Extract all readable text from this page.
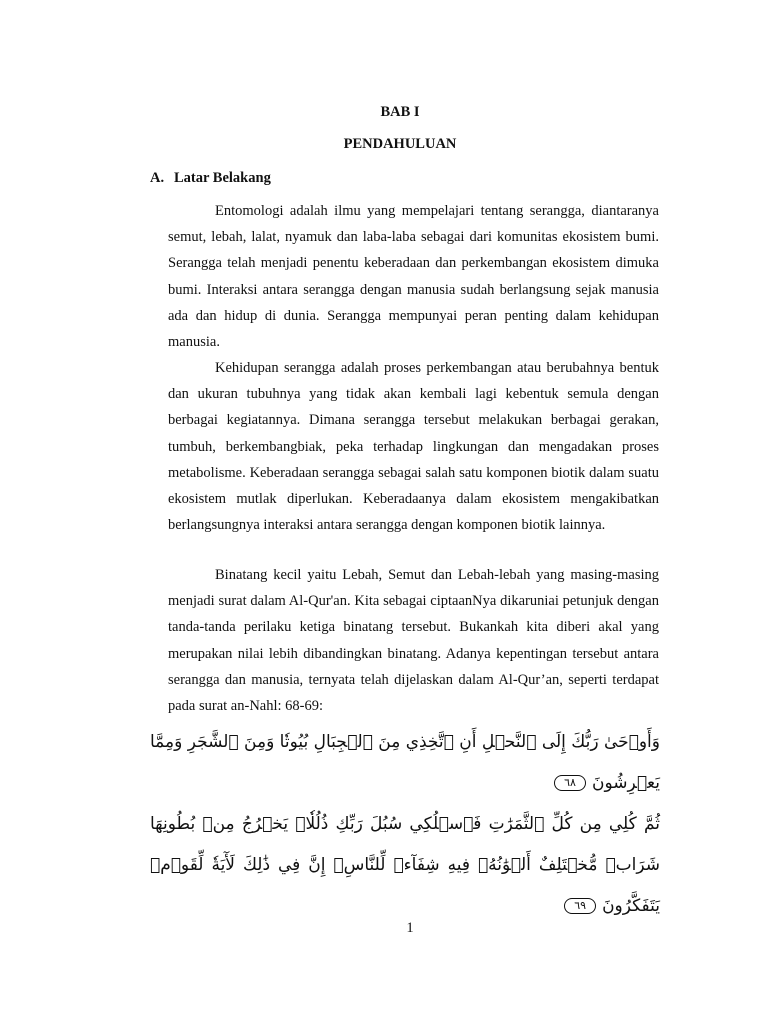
BAB I
PENDAHULUAN
A. Latar Belakang

Entomologi adalah ilmu yang mempelajari tentang serangga, diantaranya semut, lebah, lalat, nyamuk dan laba-laba sebagai dari komunitas ekosistem bumi. Serangga telah menjadi penentu keberadaan dan perkembangan ekosistem dimuka bumi. Interaksi antara serangga dengan manusia sudah berlangsung sejak manusia ada dan hidup di dunia. Serangga mempunyai peran penting dalam kehidupan manusia.

Kehidupan serangga adalah proses perkembangan atau berubahnya bentuk dan ukuran tubuhnya yang tidak akan kembali lagi kebentuk semula dengan berbagai kegiatannya. Dimana serangga tersebut melakukan berbagai gerakan, tumbuh, berkembangbiak, peka terhadap lingkungan dan mengadakan proses metabolisme. Keberadaan serangga sebagai salah satu komponen biotik dalam suatu ekosistem mutlak diperlukan. Keberadaanya dalam ekosistem mengakibatkan berlangsungnya interaksi antara serangga dengan komponen biotik lainnya.

Binatang kecil yaitu Lebah, Semut dan Lebah-lebah yang masing-masing menjadi surat dalam Al-Qur'an. Kita sebagai ciptaanNya dikaruniai petunjuk dengan tanda-tanda perilaku ketiga binatang tersebut. Bukankah kita diberi akal yang merupakan nilai lebih dibandingkan binatang. Adanya kepentingan tersebut antara serangga dan manusia, ternyata telah dijelaskan dalam Al-Qur’an, seperti terdapat pada surat an-Nahl: 68-69:

وَأَوۡحَىٰ رَبُّكَ إِلَى ٱلنَّحۡلِ أَنِ ٱتَّخِذِي مِنَ ٱلۡجِبَالِ بُيُوتٗا وَمِنَ ٱلشَّجَرِ وَمِمَّا يَعۡرِشُونَ٦٨

ثُمَّ كُلِي مِن كُلِّ ٱلثَّمَرَٰتِ فَٱسۡلُكِي سُبُلَ رَبِّكِ ذُلُلٗاۚ يَخۡرُجُ مِنۢ بُطُونِهَا شَرَابٞ مُّخۡتَلِفٌ أَلۡوَٰنُهُۥ فِيهِ شِفَآءٞ لِّلنَّاسِۚ إِنَّ فِي ذَٰلِكَ لَأٓيَةٗ لِّقَوۡمٖ يَتَفَكَّرُونَ٦٩

1
